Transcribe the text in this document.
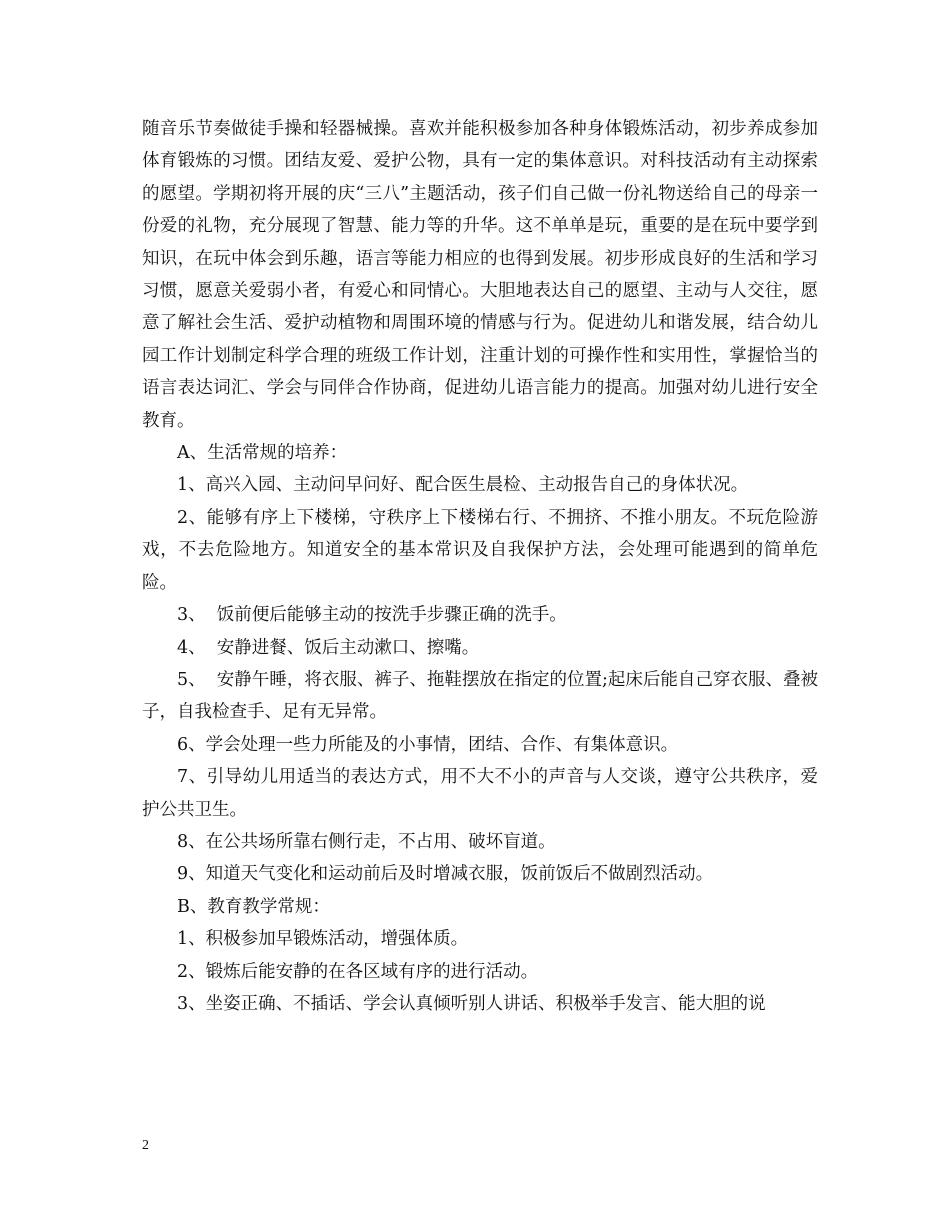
随音乐节奏做徒手操和轻器械操。喜欢并能积极参加各种身体锻炼活动，初步养成参加体育锻炼的习惯。团结友爱、爱护公物，具有一定的集体意识。对科技活动有主动探索的愿望。学期初将开展的庆“三八”主题活动，孩子们自己做一份礼物送给自己的母亲一份爱的礼物，充分展现了智慧、能力等的升华。这不单单是玩，重要的是在玩中要学到知识，在玩中体会到乐趣，语言等能力相应的也得到发展。初步形成良好的生活和学习习惯，愿意关爱弱小者，有爱心和同情心。大胆地表达自己的愿望、主动与人交往，愿意了解社会生活、爱护动植物和周围环境的情感与行为。促进幼儿和谐发展，结合幼儿园工作计划制定科学合理的班级工作计划，注重计划的可操作性和实用性，掌握恰当的语言表达词汇、学会与同伴合作协商，促进幼儿语言能力的提高。加强对幼儿进行安全教育。

A、生活常规的培养：

1、高兴入园、主动问早问好、配合医生晨检、主动报告自己的身体状况。

2、能够有序上下楼梯，守秩序上下楼梯右行、不拥挤、不推小朋友。不玩危险游戏，不去危险地方。知道安全的基本常识及自我保护方法，会处理可能遇到的简单危险。

3、  饭前便后能够主动的按洗手步骤正确的洗手。

4、  安静进餐、饭后主动漱口、擦嘴。

5、  安静午睡，将衣服、裤子、拖鞋摆放在指定的位置;起床后能自己穿衣服、叠被子，自我检查手、足有无异常。

6、学会处理一些力所能及的小事情，团结、合作、有集体意识。

7、引导幼儿用适当的表达方式，用不大不小的声音与人交谈，遵守公共秩序，爱护公共卫生。

8、在公共场所靠右侧行走，不占用、破坏盲道。

9、知道天气变化和运动前后及时增减衣服，饭前饭后不做剧烈活动。

B、教育教学常规：

1、积极参加早锻炼活动，增强体质。

2、锻炼后能安静的在各区域有序的进行活动。

3、坐姿正确、不插话、学会认真倾听别人讲话、积极举手发言、能大胆的说

2
